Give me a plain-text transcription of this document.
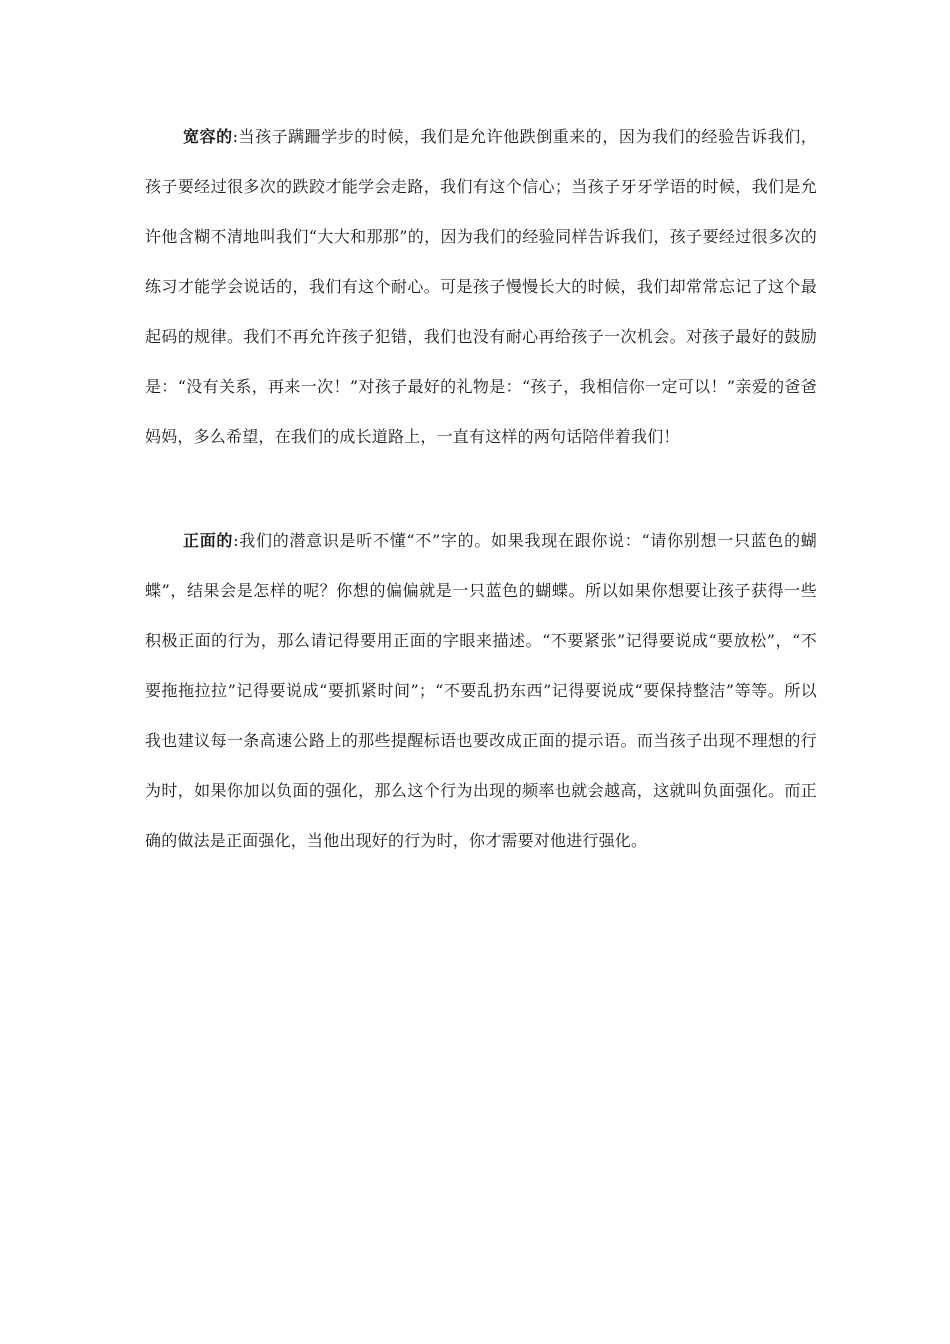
宽容的:当孩子蹒跚学步的时候，我们是允许他跌倒重来的，因为我们的经验告诉我们，孩子要经过很多次的跌跤才能学会走路，我们有这个信心；当孩子牙牙学语的时候，我们是允许他含糊不清地叫我们“大大和那那”的，因为我们的经验同样告诉我们，孩子要经过很多次的练习才能学会说话的，我们有这个耐心。可是孩子慢慢长大的时候，我们却常常忘记了这个最起码的规律。我们不再允许孩子犯错，我们也没有耐心再给孩子一次机会。对孩子最好的鼓励是：“没有关系，再来一次！”对孩子最好的礼物是：“孩子，我相信你一定可以！”亲爱的爸爸妈妈，多么希望，在我们的成长道路上，一直有这样的两句话陪伴着我们！

正面的:我们的潜意识是听不懂“不”字的。如果我现在跟你说：“请你别想一只蓝色的蝴蝶”，结果会是怎样的呢？你想的偏偏就是一只蓝色的蝴蝶。所以如果你想要让孩子获得一些积极正面的行为，那么请记得要用正面的字眼来描述。“不要紧张”记得要说成“要放松”，“不要拖拖拉拉”记得要说成“要抓紧时间”；“不要乱扔东西”记得要说成“要保持整洁”等等。所以我也建议每一条高速公路上的那些提醒标语也要改成正面的提示语。而当孩子出现不理想的行为时，如果你加以负面的强化，那么这个行为出现的频率也就会越高，这就叫负面强化。而正确的做法是正面强化，当他出现好的行为时，你才需要对他进行强化。
